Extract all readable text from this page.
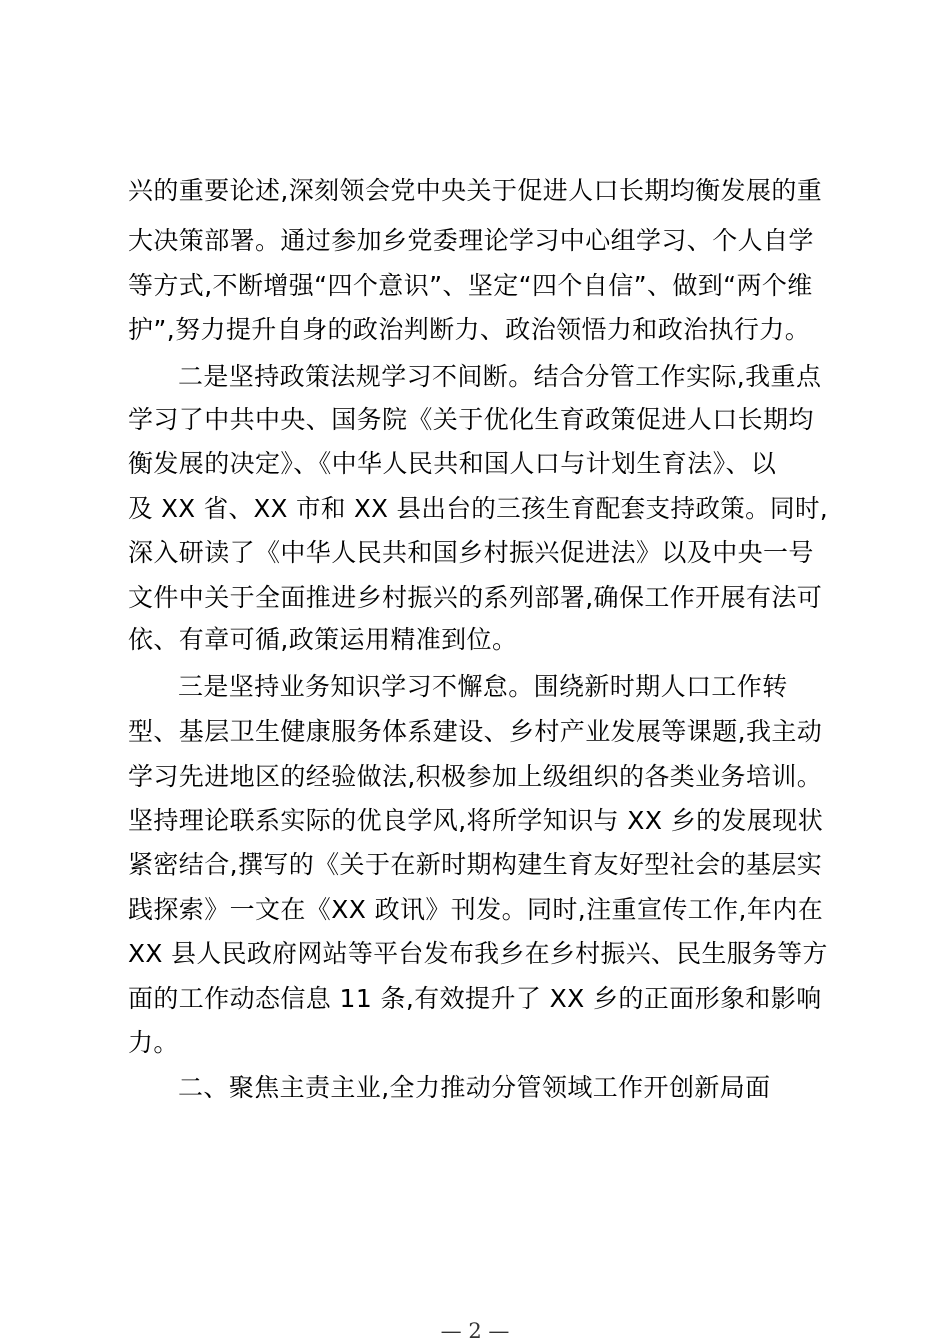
兴的重要论述,深刻领会党中央关于促进人口长期均衡发展的重
大决策部署。通过参加乡党委理论学习中心组学习、个人自学
等方式,不断增强“四个意识”、坚定“四个自信”、做到“两个维
护”,努力提升自身的政治判断力、政治领悟力和政治执行力。
二是坚持政策法规学习不间断。结合分管工作实际,我重点
学习了中共中央、国务院《关于优化生育政策促进人口长期均
衡发展的决定》、《中华人民共和国人口与计划生育法》、以
及 XX 省、XX 市和 XX 县出台的三孩生育配套支持政策。同时,
深入研读了《中华人民共和国乡村振兴促进法》以及中央一号
文件中关于全面推进乡村振兴的系列部署,确保工作开展有法可
依、有章可循,政策运用精准到位。
三是坚持业务知识学习不懈怠。围绕新时期人口工作转
型、基层卫生健康服务体系建设、乡村产业发展等课题,我主动
学习先进地区的经验做法,积极参加上级组织的各类业务培训。
坚持理论联系实际的优良学风,将所学知识与 XX 乡的发展现状
紧密结合,撰写的《关于在新时期构建生育友好型社会的基层实
践探索》一文在《XX 政讯》刊发。同时,注重宣传工作,年内在
XX 县人民政府网站等平台发布我乡在乡村振兴、民生服务等方
面的工作动态信息 11 条,有效提升了 XX 乡的正面形象和影响
力。
二、聚焦主责主业,全力推动分管领域工作开创新局面
— 2 —
